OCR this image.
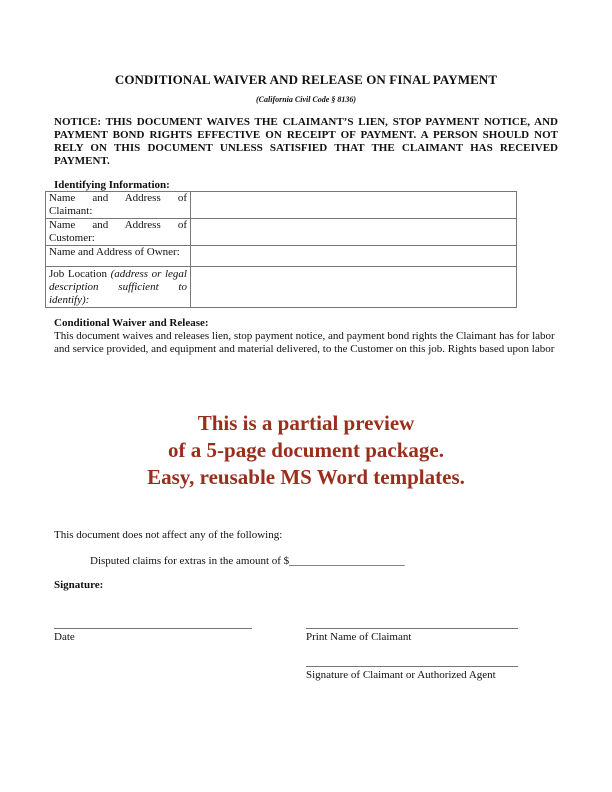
CONDITIONAL WAIVER AND RELEASE ON FINAL PAYMENT
(California Civil Code § 8136)
NOTICE: THIS DOCUMENT WAIVES THE CLAIMANT’S LIEN, STOP PAYMENT NOTICE, AND
PAYMENT BOND RIGHTS EFFECTIVE ON RECEIPT OF PAYMENT. A PERSON SHOULD NOT
RELY ON THIS DOCUMENT UNLESS SATISFIED THAT THE CLAIMANT HAS RECEIVED
PAYMENT.
Identifying Information:
Name and Address of
Claimant:	

Name and Address of
Customer:	
Name and Address of Owner:	

Job Location (address or legal
description sufficient to
identify):	
Conditional Waiver and Release:
This document waives and releases lien, stop payment notice, and payment bond rights the Claimant has for labor
and service provided, and equipment and material delivered, to the Customer on this job. Rights based upon labor
This is a partial preview
of a 5-page document package.
Easy, reusable MS Word templates.
This document does not affect any of the following:
Disputed claims for extras in the amount of $_____________________
Signature:
Date	Print Name of Claimant
Signature of Claimant or Authorized Agent
